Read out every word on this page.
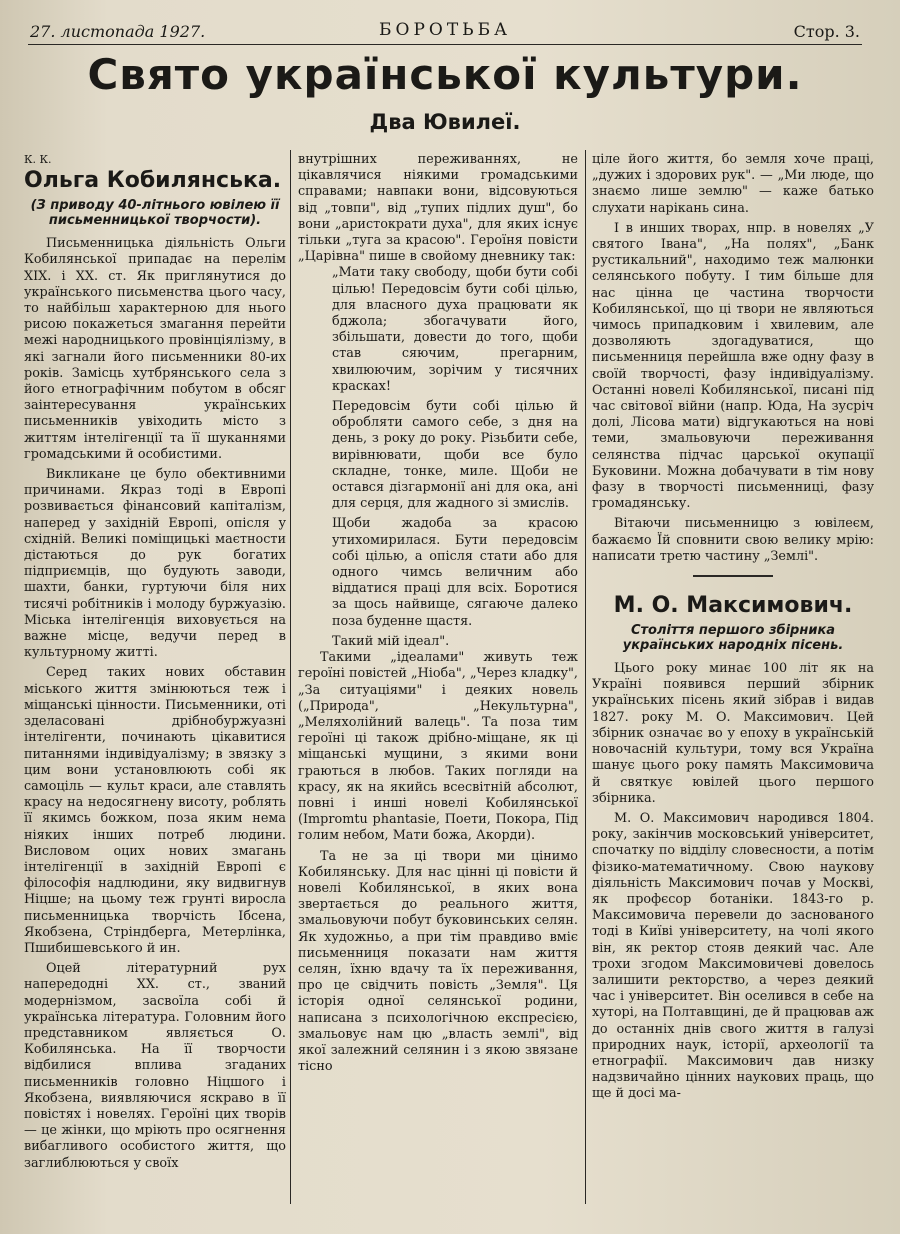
27. листопада 1927.	БОРОТЬБА	Стор. 3.
Свято української культури.
Два Ювилеї.

К. К.

Ольга Кобилянська.
(З приводу 40-літнього ювілею її письменницької творчости).

Письменницька діяльність Ольги Кобилянської припадає на перелім XIX. і XX. ст. Як приглянутися до українського письменства цього часу, то найбільш характерною для нього рисою покажеться змагання перейти межі народницького провінціялізму, в які загнали його письменники 80-их років. Замісць хутбрянського села з його етнографічним побутом в обсяг заінтересування українських письменників увіходить місто з життям інтелігенції та її шуканнями громадськими й особистими.

Викликане це було обективними причинами. Якраз тоді в Европі розвивається фінансовий капіталізм, наперед у західній Европі, опісля у східній. Великі поміщицькі маєтности дістаються до рук богатих підприємців, що будують заводи, шахти, банки, гуртуючи біля них тисячі робітників і молоду буржуазію. Міська інтелігенція виховується на важне місце, ведучи перед в культурному житті.

Серед таких нових обставин міського життя змінюються теж і міщанські цінности. Письменники, оті зделасовані дрібнобуржуазні інтелігенти, починають цікавитися питаннями індивідуалізму; в звязку з цим вони установлюють собі як самоціль — культ краси, але ставлять красу на недосягнену висоту, роблять її якимсь божком, поза яким нема ніяких інших потреб людини. Висловом оцих нових змагань інтелігенції в західній Европі є філософія надлюдини, яку видвигнув Ніцше; на цьому теж грунті виросла письменницька творчість Ібсена, Якобзена, Стріндберга, Метерлінка, Пшибишевського й ин.

Оцей літературний рух напередодні XX. ст., званий модернізмом, засвоїла собі й українська література. Головним його представником являється О. Кобилянська. На її творчости відбилися вплива згаданих письменників головно Ніцшого і Якобзена, виявляючися яскраво в її повістях і новелях. Героїні цих творів — це жінки, що мріють про осягнення вибагливого особистого життя, що заглиблюються у своїх

внутрішних переживаннях, не цікавлячися ніякими громадськими справами; навпаки вони, відсовуються від „товпи", від „тупих підлих душ", бо вони „аристократи духа", для яких існує тільки „туга за красою". Героїня повісти „Царівна" пише в свойому дневнику так:

„Мати таку свободу, щоби бути собі цілью! Передовсім бути собі цілью, для власного духа працювати як бджола; збогачувати його, збільшати, довести до того, щоби став сяючим, прегарним, хвилюючим, зорічим у тисячних красках!

Передовсім бути собі цілью й обробляти самого себе, з дня на день, з року до року. Різьбити себе, вирівнювати, щоби все було складне, тонке, миле. Щоби не остався дізгармонії ані для ока, ані для серця, для жадного зі змислів.

Щоби жадоба за красою утихомирилася. Бути передовсім собі цілью, а опісля стати або для одного чимсь величним або віддатися праці для всіх. Боротися за щось найвище, сягаюче далеко поза буденне щастя.

Такий мій ідеал".

Такими „ідеалами" живуть теж героїні повістей „Ніоба", „Через кладку", „За ситуаціями" і деяких новель („Природа", „Некультурна", „Меляхолійний валець". Та поза тим героїні ці також дрібно-міщане, як ці міщанські мущини, з якими вони граються в любов. Таких погляди на красу, як на якийсь всесвітній абсолют, повні і инші новелі Кобилянської (Impromtu phantasie, Поети, Покора, Під голим небом, Мати божа, Акорди).

Та не за ці твори ми цінимо Кобилянську. Для нас цінні ці повісти й новелі Кобилянської, в яких вона звертається до реального життя, змальовуючи побут буковинських селян. Як художньо, а при тім правдиво вміє письменниця показати нам життя селян, їхню вдачу та їх переживання, про це свідчить повість „Земля". Ця історія одної селянської родини, написана з психологічною експресією, змальовує нам цю „власть землі", від якої залежний селянин і з якою звязане тісно

ціле його життя, бо земля хоче праці, „дужих і здорових рук". — „Ми люде, що знаємо лише землю" — каже батько слухати нарікань сина.

І в инших творах, нпр. в новелях „У святого Івана", „На полях", „Банк рустикальний", находимо теж малюнки селянського побуту. І тим більше для нас цінна це частина творчости Кобилянської, що ці твори не являються чимось припадковим і хвилевим, але дозволяють здогадуватися, що письменниця перейшла вже одну фазу в своїй творчості, фазу індивідуалізму. Останні новелі Кобилянської, писані під час світової війни (напр. Юда, На зусріч долі, Лісова мати) відгукаються на нові теми, змальовуючи переживання селянства підчас царської окупації Буковини. Можна добачувати в тім нову фазу в творчості письменниці, фазу громадянську.

Вітаючи письменницю з ювілеєм, бажаємо Їй сповнити свою велику мрію: написати третю частину „Землі".

М. О. Максимович.
Століття першого збірника українських народніх пісень.

Цього року минає 100 літ як на Україні появився перший збірник українських пісень який зібрав і видав 1827. року М. О. Максимович. Цей збірник означає во у епоху в українській новочасній культури, тому вся Україна шанує цього року память Максимовича й святкує ювілей цього першого збірника.

М. О. Максимович народився 1804. року, закінчив московський університет, спочатку по відділу словесности, а потім фізико-математичному. Свою наукову діяльність Максимович почав у Москві, як профєсор ботаніки. 1843-го р. Максимовича перевели до заснованого тоді в Київі університету, на чолі якого він, як ректор стояв деякий час. Але трохи згодом Максимовичеві довелось залишити ректорство, а через деякий час і університет. Він оселився в себе на хуторі, на Полтавщині, де й працював аж до останніх днів свого життя в галузі природних наук, історії, археології та етнографії. Максимович дав низку надзвичайно цінних наукових праць, що ще й досі ма-
